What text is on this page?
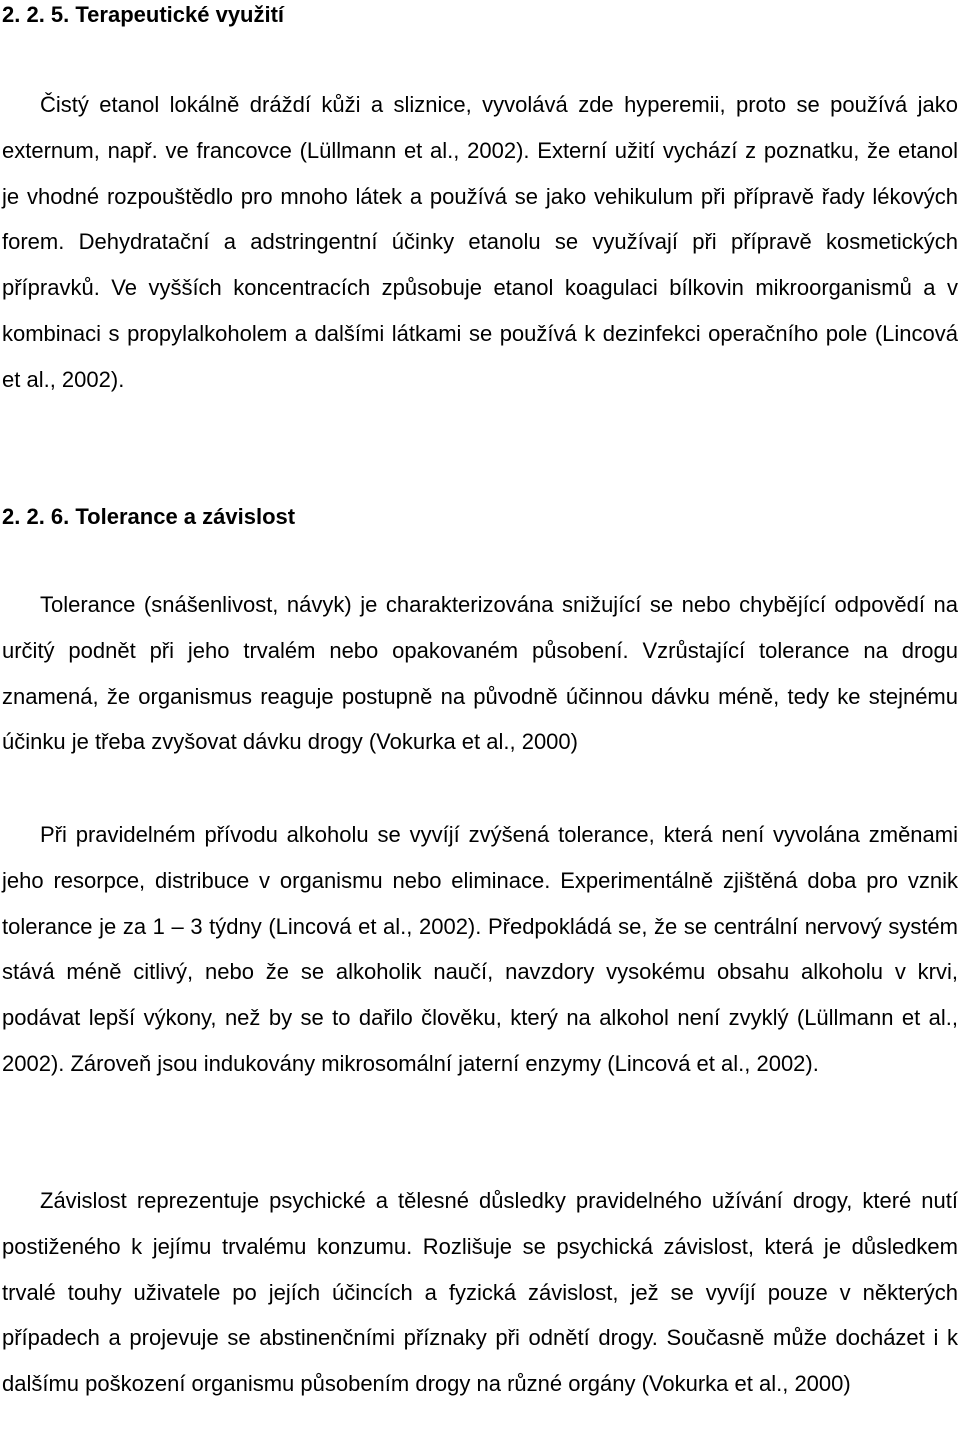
2. 2. 5. Terapeutické využití

Čistý etanol lokálně dráždí kůži a sliznice, vyvolává zde hyperemii, proto se používá jako externum, např. ve francovce (Lüllmann et al., 2002). Externí užití vychází z poznatku, že etanol je vhodné rozpouštědlo pro mnoho látek a používá se jako vehikulum při přípravě řady lékových forem. Dehydratační a adstringentní účinky etanolu se využívají při přípravě kosmetických přípravků. Ve vyšších koncentracích způsobuje etanol koagulaci bílkovin mikroorganismů a v kombinaci s propylalkoholem a dalšími látkami se používá k dezinfekci operačního pole (Lincová et al., 2002).

2. 2. 6. Tolerance a závislost

Tolerance (snášenlivost, návyk) je charakterizována snižující se nebo chybějící odpovědí na určitý podnět při jeho trvalém nebo opakovaném působení. Vzrůstající tolerance na drogu znamená, že organismus reaguje postupně na původně účinnou dávku méně, tedy ke stejnému účinku je třeba zvyšovat dávku drogy (Vokurka et al., 2000)

Při pravidelném přívodu alkoholu se vyvíjí zvýšená tolerance, která není vyvolána změnami jeho resorpce, distribuce v organismu nebo eliminace. Experimentálně zjištěná doba pro vznik tolerance je za 1 – 3 týdny (Lincová et al., 2002). Předpokládá se, že se centrální nervový systém stává méně citlivý, nebo že se alkoholik naučí, navzdory vysokému obsahu alkoholu v krvi, podávat lepší výkony, než by se to dařilo člověku, který na alkohol není zvyklý (Lüllmann et al., 2002). Zároveň jsou indukovány mikrosomální jaterní enzymy (Lincová et al., 2002).

Závislost reprezentuje psychické a tělesné důsledky pravidelného užívání drogy, které nutí postiženého k jejímu trvalému konzumu. Rozlišuje se psychická závislost, která je důsledkem trvalé touhy uživatele po jejích účincích a fyzická závislost, jež se vyvíjí pouze v některých případech a projevuje se abstinenčními příznaky při odnětí drogy. Současně může docházet i k dalšímu poškození organismu působením drogy na různé orgány (Vokurka et al., 2000)
